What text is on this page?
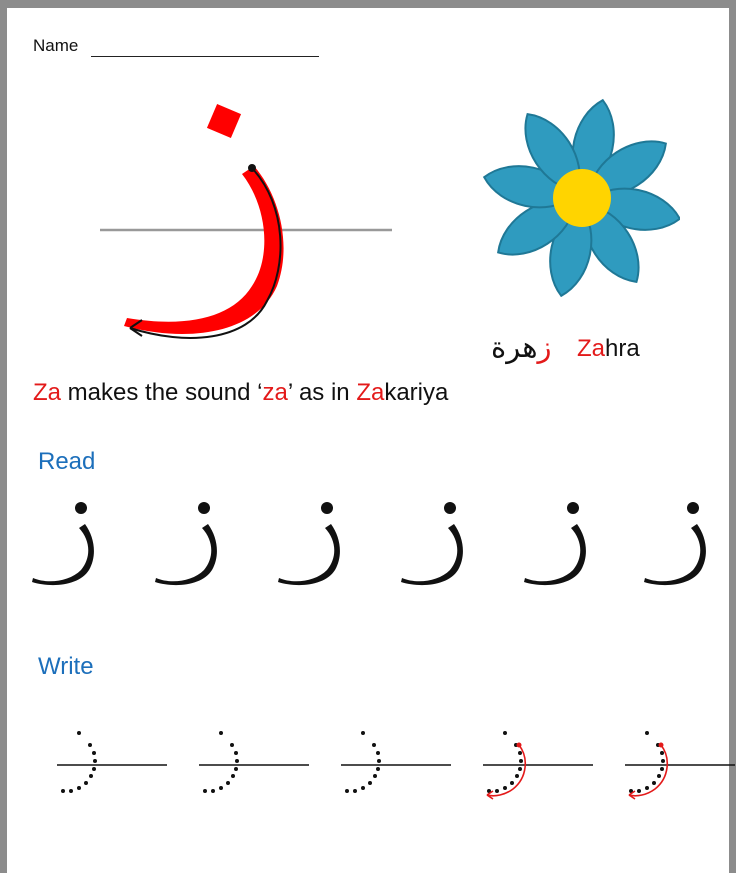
Name
زهرة	Zahra
Za makes the sound ‘za’ as in Zakariya
Read
Write
